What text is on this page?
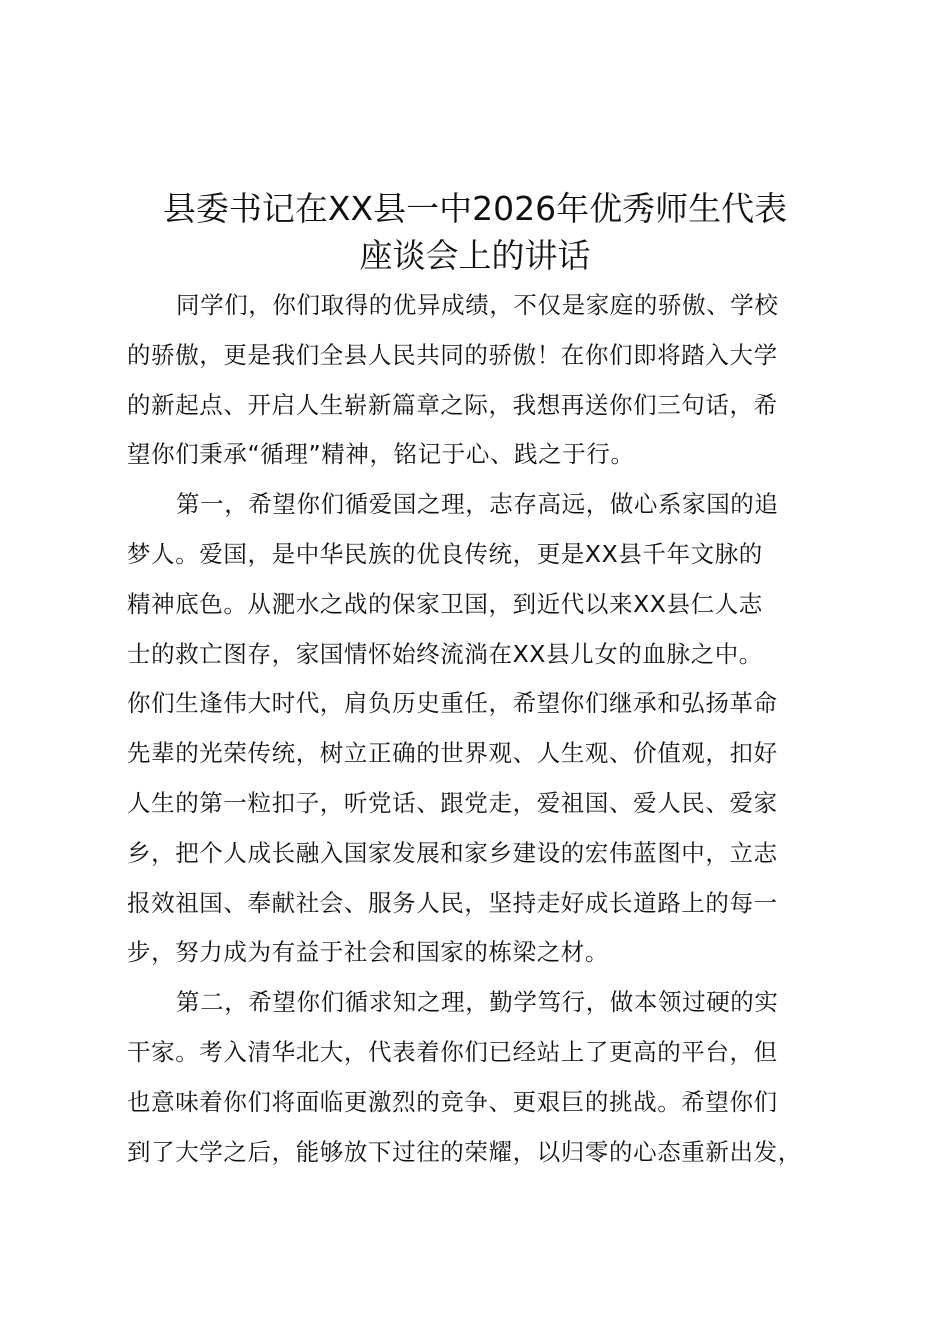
县委书记在XX县一中2026年优秀师生代表
座谈会上的讲话
同学们，你们取得的优异成绩，不仅是家庭的骄傲、学校
的骄傲，更是我们全县人民共同的骄傲！在你们即将踏入大学
的新起点、开启人生崭新篇章之际，我想再送你们三句话，希
望你们秉承“循理”精神，铭记于心、践之于行。
第一，希望你们循爱国之理，志存高远，做心系家国的追
梦人。爱国，是中华民族的优良传统，更是XX县千年文脉的
精神底色。从淝水之战的保家卫国，到近代以来XX县仁人志
士的救亡图存，家国情怀始终流淌在XX县儿女的血脉之中。
你们生逢伟大时代，肩负历史重任，希望你们继承和弘扬革命
先辈的光荣传统，树立正确的世界观、人生观、价值观，扣好
人生的第一粒扣子，听党话、跟党走，爱祖国、爱人民、爱家
乡，把个人成长融入国家发展和家乡建设的宏伟蓝图中，立志
报效祖国、奉献社会、服务人民，坚持走好成长道路上的每一
步，努力成为有益于社会和国家的栋梁之材。
第二，希望你们循求知之理，勤学笃行，做本领过硬的实
干家。考入清华北大，代表着你们已经站上了更高的平台，但
也意味着你们将面临更激烈的竞争、更艰巨的挑战。希望你们
到了大学之后，能够放下过往的荣耀，以归零的心态重新出发，
